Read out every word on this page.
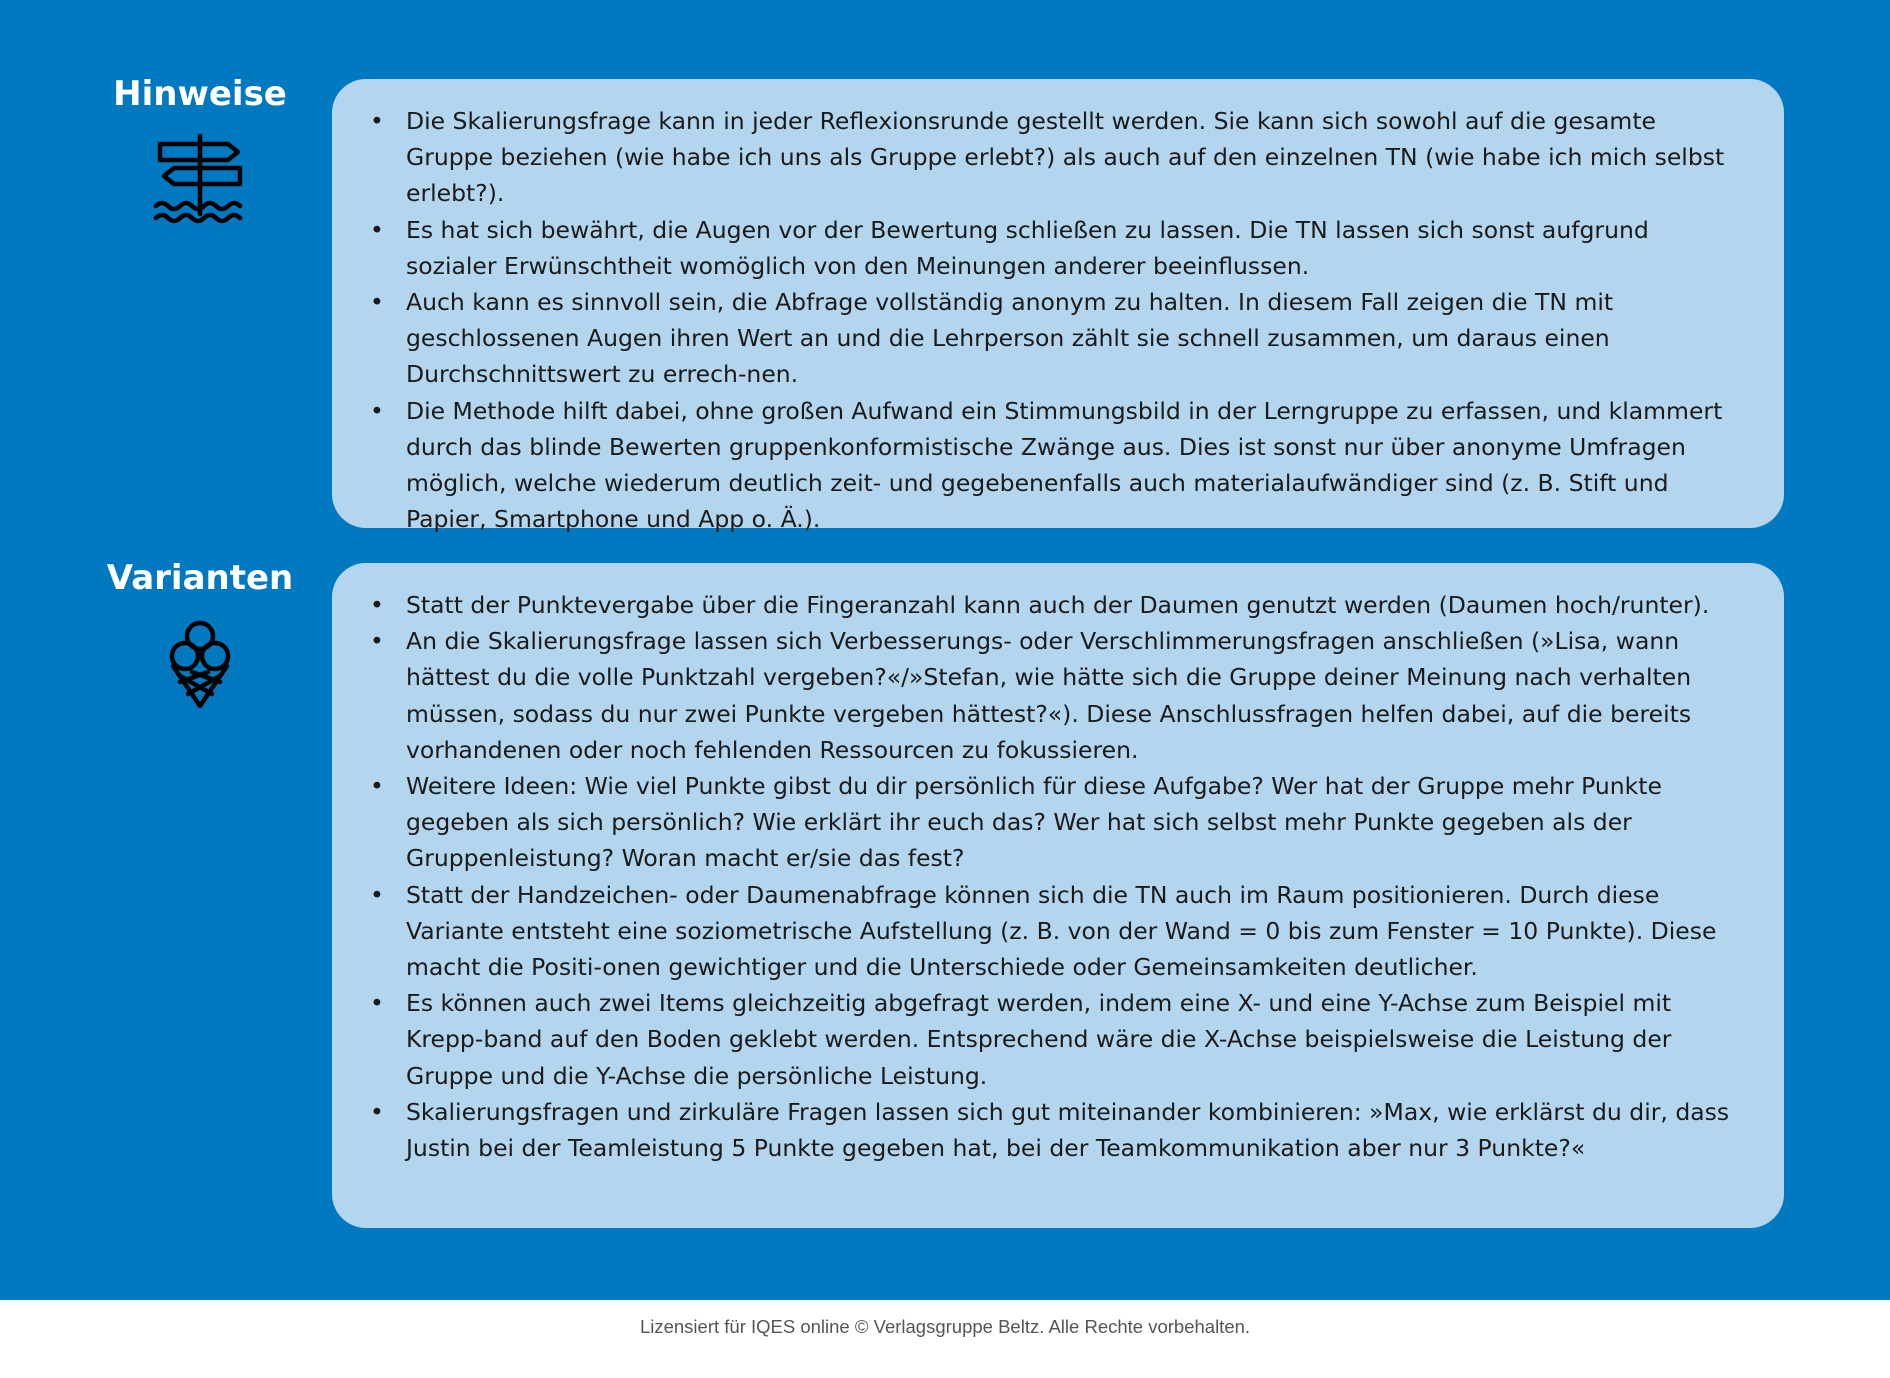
Hinweise
• Die Skalierungsfrage kann in jeder Reflexionsrunde gestellt werden. Sie kann sich sowohl auf die gesamte Gruppe beziehen (wie habe ich uns als Gruppe erlebt?) als auch auf den einzelnen TN (wie habe ich mich selbst erlebt?).
• Es hat sich bewährt, die Augen vor der Bewertung schließen zu lassen. Die TN lassen sich sonst aufgrund sozialer Erwünschtheit womöglich von den Meinungen anderer beeinflussen.
• Auch kann es sinnvoll sein, die Abfrage vollständig anonym zu halten. In diesem Fall zeigen die TN mit geschlossenen Augen ihren Wert an und die Lehrperson zählt sie schnell zusammen, um daraus einen Durchschnittswert zu errech-nen.
• Die Methode hilft dabei, ohne großen Aufwand ein Stimmungsbild in der Lerngruppe zu erfassen, und klammert durch das blinde Bewerten gruppenkonformistische Zwänge aus. Dies ist sonst nur über anonyme Umfragen möglich, welche wiederum deutlich zeit- und gegebenenfalls auch materialaufwändiger sind (z. B. Stift und Papier, Smartphone und App o. Ä.).
Varianten
• Statt der Punktevergabe über die Fingeranzahl kann auch der Daumen genutzt werden (Daumen hoch/runter).
• An die Skalierungsfrage lassen sich Verbesserungs- oder Verschlimmerungsfragen anschließen (»Lisa, wann hättest du die volle Punktzahl vergeben?«/»Stefan, wie hätte sich die Gruppe deiner Meinung nach verhalten müssen, sodass du nur zwei Punkte vergeben hättest?«). Diese Anschlussfragen helfen dabei, auf die bereits vorhandenen oder noch fehlenden Ressourcen zu fokussieren.
• Weitere Ideen: Wie viel Punkte gibst du dir persönlich für diese Aufgabe? Wer hat der Gruppe mehr Punkte gegeben als sich persönlich? Wie erklärt ihr euch das? Wer hat sich selbst mehr Punkte gegeben als der Gruppenleistung? Woran macht er/sie das fest?
• Statt der Handzeichen- oder Daumenabfrage können sich die TN auch im Raum positionieren. Durch diese Variante entsteht eine soziometrische Aufstellung (z. B. von der Wand = 0 bis zum Fenster = 10 Punkte). Diese macht die Positi-onen gewichtiger und die Unterschiede oder Gemeinsamkeiten deutlicher.
• Es können auch zwei Items gleichzeitig abgefragt werden, indem eine X- und eine Y-Achse zum Beispiel mit Krepp-band auf den Boden geklebt werden. Entsprechend wäre die X-Achse beispielsweise die Leistung der Gruppe und die Y-Achse die persönliche Leistung.
• Skalierungsfragen und zirkuläre Fragen lassen sich gut miteinander kombinieren: »Max, wie erklärst du dir, dass Justin bei der Teamleistung 5 Punkte gegeben hat, bei der Teamkommunikation aber nur 3 Punkte?«
Lizensiert für IQES online © Verlagsgruppe Beltz. Alle Rechte vorbehalten.
